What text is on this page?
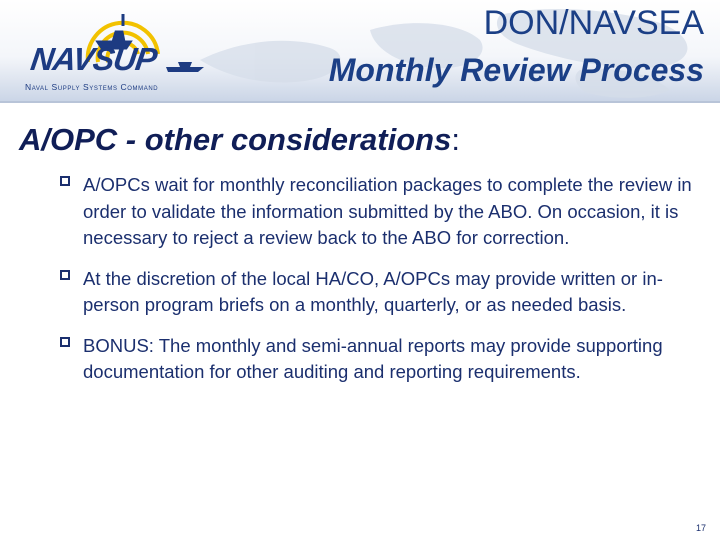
NAVSUP
Naval Supply Systems Command
DON/NAVSEA
Monthly Review Process
A/OPC - other considerations:
A/OPCs wait for monthly reconciliation packages to complete the review in order to validate the information submitted by the ABO. On occasion, it is necessary to reject a review back to the ABO for correction.
At the discretion of the local HA/CO, A/OPCs may provide written or in-person program briefs on a monthly, quarterly, or as needed basis.
BONUS: The monthly and semi-annual reports may provide supporting documentation for other auditing and reporting requirements.
17
